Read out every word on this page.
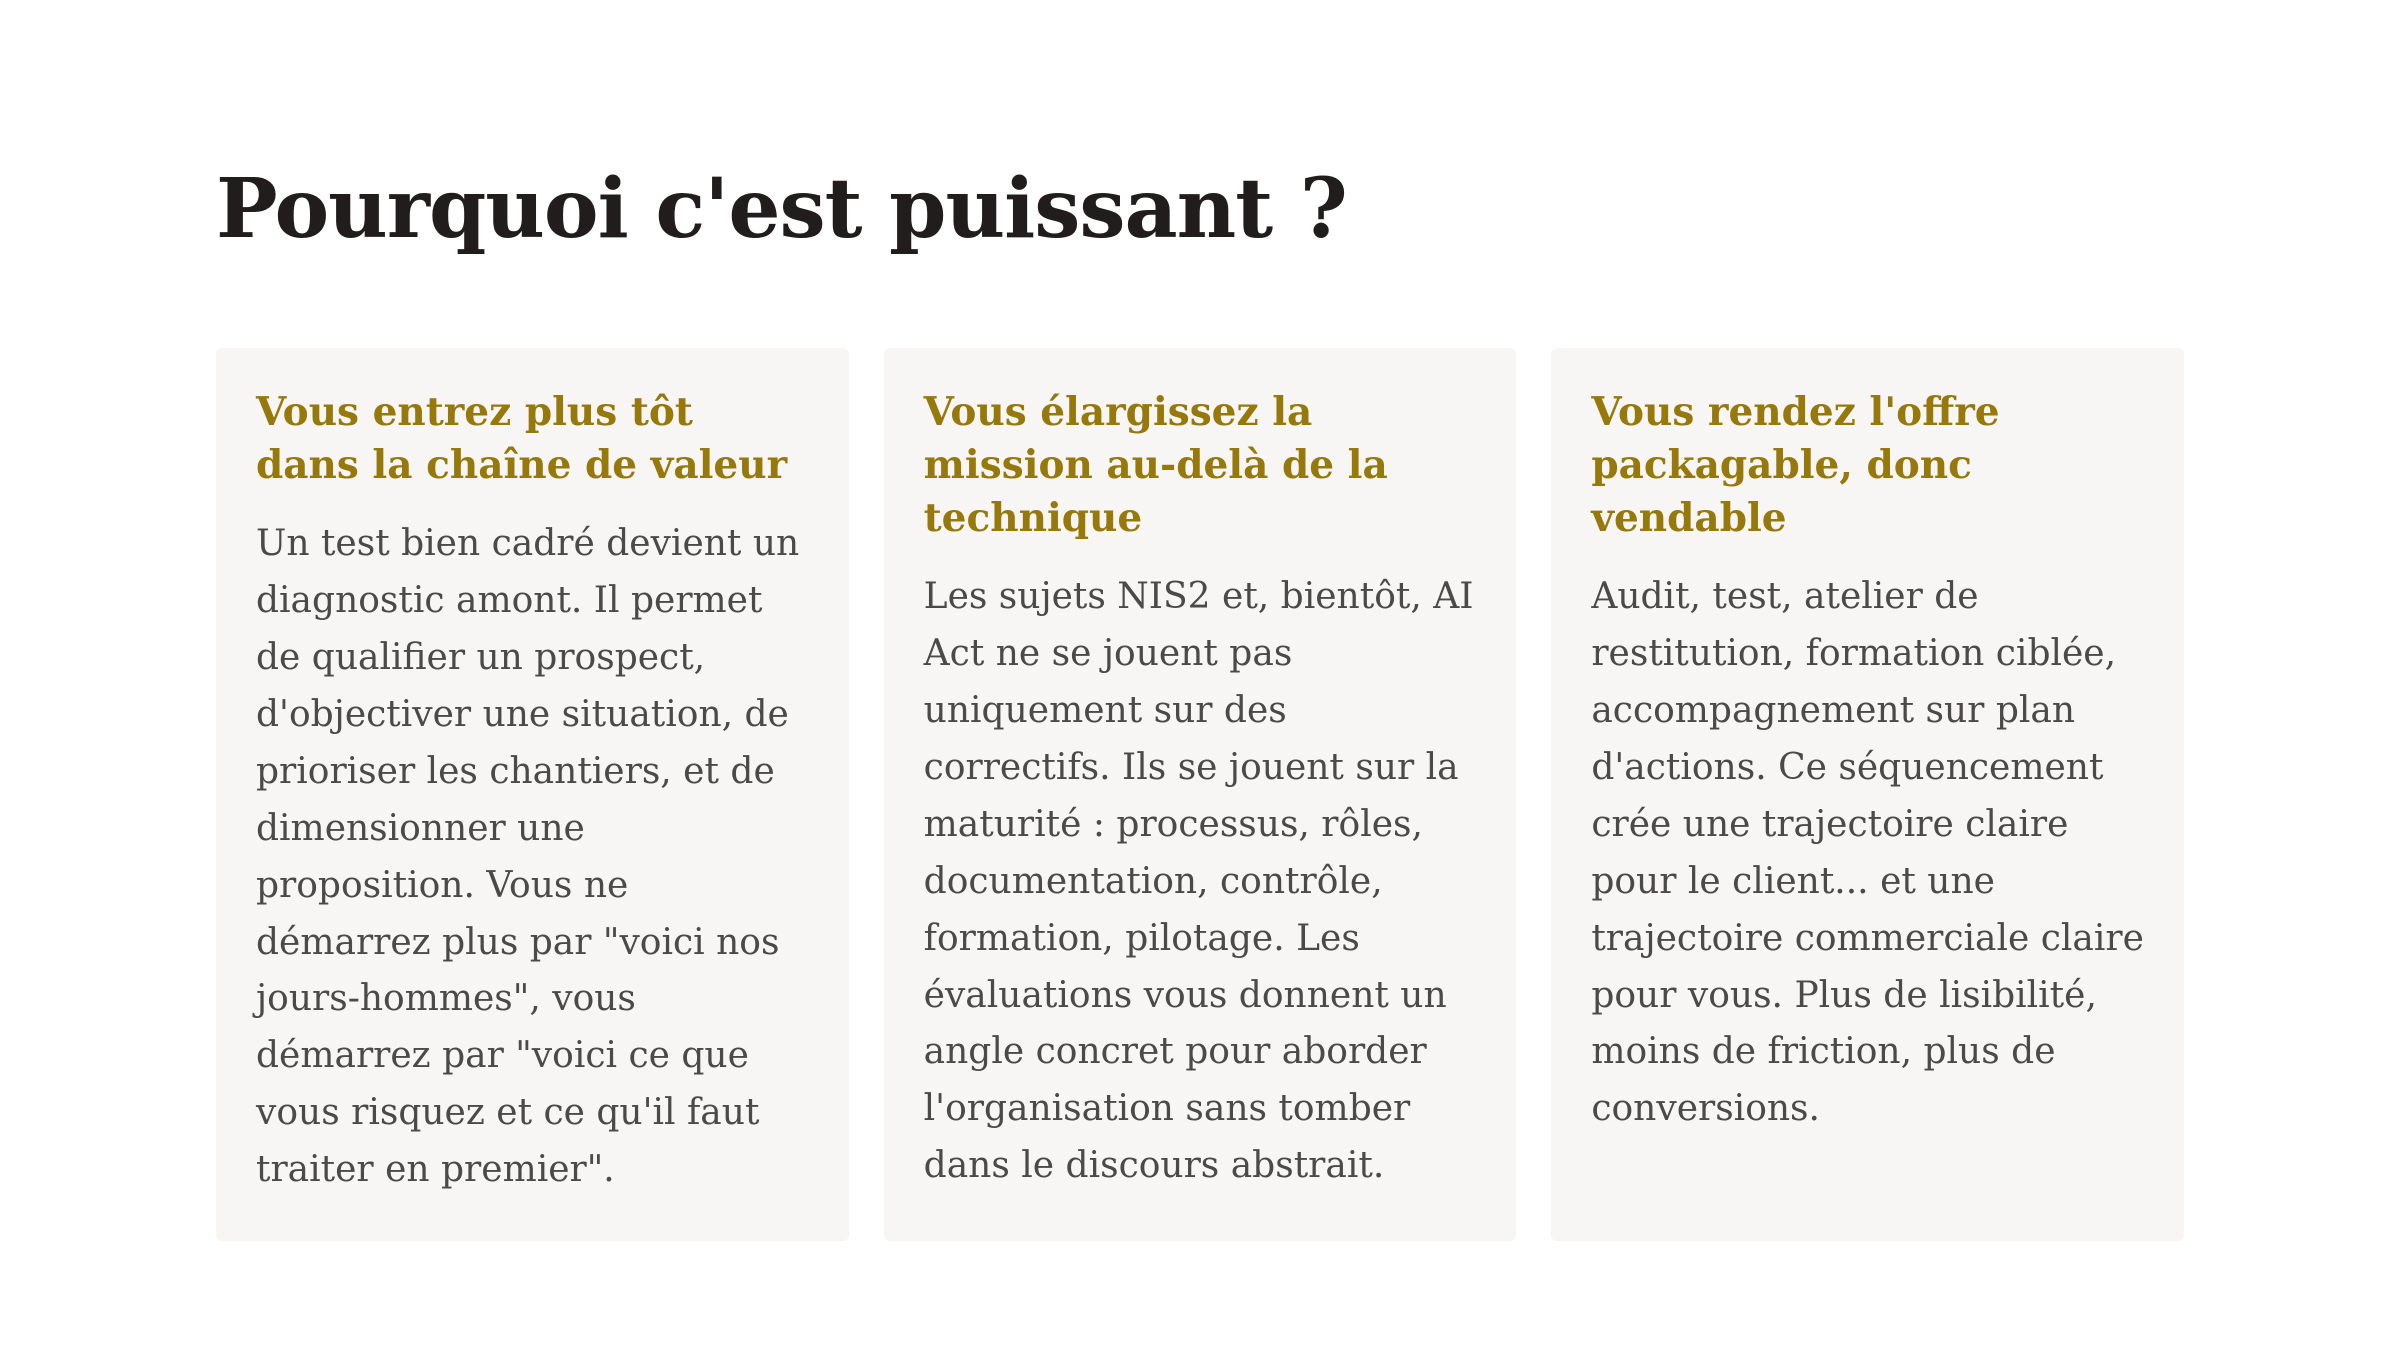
Pourquoi c'est puissant ?
Vous entrez plus tôt dans la chaîne de valeur

Un test bien cadré devient un diagnostic amont. Il permet de qualifier un prospect, d'objectiver une situation, de prioriser les chantiers, et de dimensionner une proposition. Vous ne démarrez plus par "voici nos jours-hommes", vous démarrez par "voici ce que vous risquez et ce qu'il faut traiter en premier".

Vous élargissez la mission au-delà de la technique

Les sujets NIS2 et, bientôt, AI Act ne se jouent pas uniquement sur des correctifs. Ils se jouent sur la maturité : processus, rôles, documentation, contrôle, formation, pilotage. Les évaluations vous donnent un angle concret pour aborder l'organisation sans tomber dans le discours abstrait.

Vous rendez l'offre packagable, donc vendable

Audit, test, atelier de restitution, formation ciblée, accompagnement sur plan d'actions. Ce séquencement crée une trajectoire claire pour le client... et une trajectoire commerciale claire pour vous. Plus de lisibilité, moins de friction, plus de conversions.
